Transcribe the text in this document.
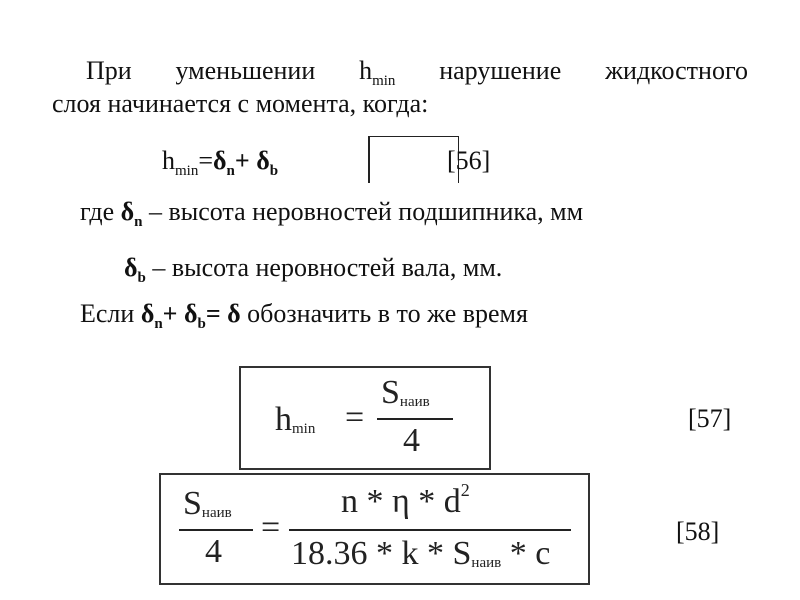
При уменьшении $h_{min}$ нарушение жидкостного
слоя начинается с момента, когда:
$h_{min}=\delta_n+ \delta_b$	[56]
где $\delta_n$ – высота неровностей подшипника, мм
$\delta_b$ – высота неровностей вала, мм.
Если $\delta_n+ \delta_b= \delta$ обозначить в то же время
$h_{min}$ =
$S_{наив}$
4
[57]
$S_{наив}$
4
=
n * η * $d^2$
18.36 * k * $S_{наив}$ * c
[58]
